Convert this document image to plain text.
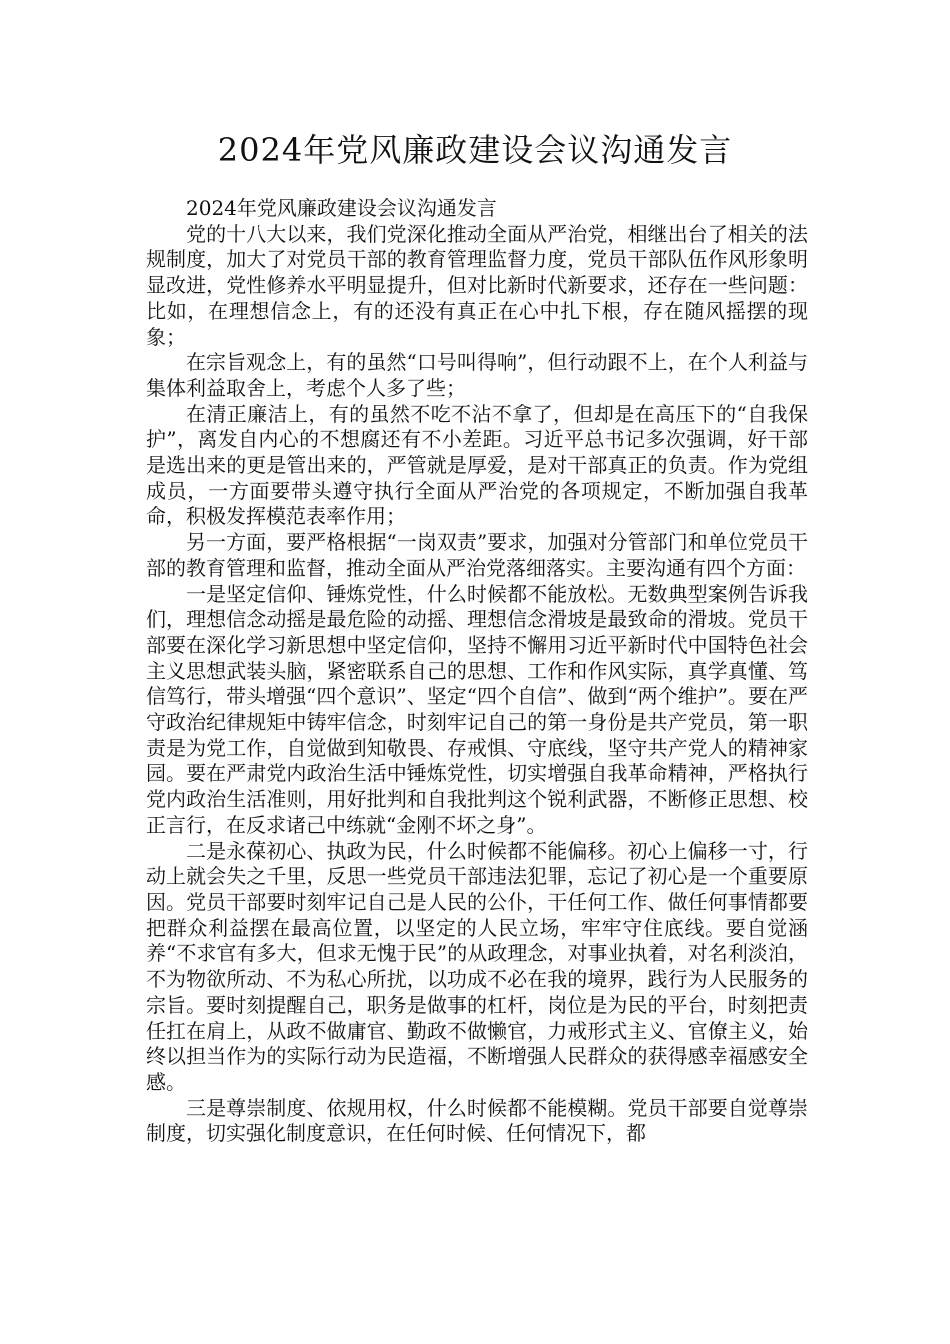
2024年党风廉政建设会议沟通发言

2024年党风廉政建设会议沟通发言

党的十八大以来，我们党深化推动全面从严治党，相继出台了相关的法规制度，加大了对党员干部的教育管理监督力度，党员干部队伍作风形象明显改进，党性修养水平明显提升，但对比新时代新要求，还存在一些问题：比如，在理想信念上，有的还没有真正在心中扎下根，存在随风摇摆的现象；

在宗旨观念上，有的虽然“口号叫得响”，但行动跟不上，在个人利益与集体利益取舍上，考虑个人多了些；

在清正廉洁上，有的虽然不吃不沾不拿了，但却是在高压下的“自我保护”，离发自内心的不想腐还有不小差距。习近平总书记多次强调，好干部是选出来的更是管出来的，严管就是厚爱，是对干部真正的负责。作为党组成员，一方面要带头遵守执行全面从严治党的各项规定，不断加强自我革命，积极发挥模范表率作用；

另一方面，要严格根据“一岗双责”要求，加强对分管部门和单位党员干部的教育管理和监督，推动全面从严治党落细落实。主要沟通有四个方面：

一是坚定信仰、锤炼党性，什么时候都不能放松。无数典型案例告诉我们，理想信念动摇是最危险的动摇、理想信念滑坡是最致命的滑坡。党员干部要在深化学习新思想中坚定信仰，坚持不懈用习近平新时代中国特色社会主义思想武装头脑，紧密联系自己的思想、工作和作风实际，真学真懂、笃信笃行，带头增强“四个意识”、坚定“四个自信”、做到“两个维护”。要在严守政治纪律规矩中铸牢信念，时刻牢记自己的第一身份是共产党员，第一职责是为党工作，自觉做到知敬畏、存戒惧、守底线，坚守共产党人的精神家园。要在严肃党内政治生活中锤炼党性，切实增强自我革命精神，严格执行党内政治生活准则，用好批判和自我批判这个锐利武器，不断修正思想、校正言行，在反求诸己中练就“金刚不坏之身”。

二是永葆初心、执政为民，什么时候都不能偏移。初心上偏移一寸，行动上就会失之千里，反思一些党员干部违法犯罪，忘记了初心是一个重要原因。党员干部要时刻牢记自己是人民的公仆，干任何工作、做任何事情都要把群众利益摆在最高位置，以坚定的人民立场，牢牢守住底线。要自觉涵养“不求官有多大，但求无愧于民”的从政理念，对事业执着，对名利淡泊，不为物欲所动、不为私心所扰，以功成不必在我的境界，践行为人民服务的宗旨。要时刻提醒自己，职务是做事的杠杆，岗位是为民的平台，时刻把责任扛在肩上，从政不做庸官、勤政不做懒官，力戒形式主义、官僚主义，始终以担当作为的实际行动为民造福，不断增强人民群众的获得感幸福感安全感。

三是尊崇制度、依规用权，什么时候都不能模糊。党员干部要自觉尊崇制度，切实强化制度意识，在任何时候、任何情况下，都
